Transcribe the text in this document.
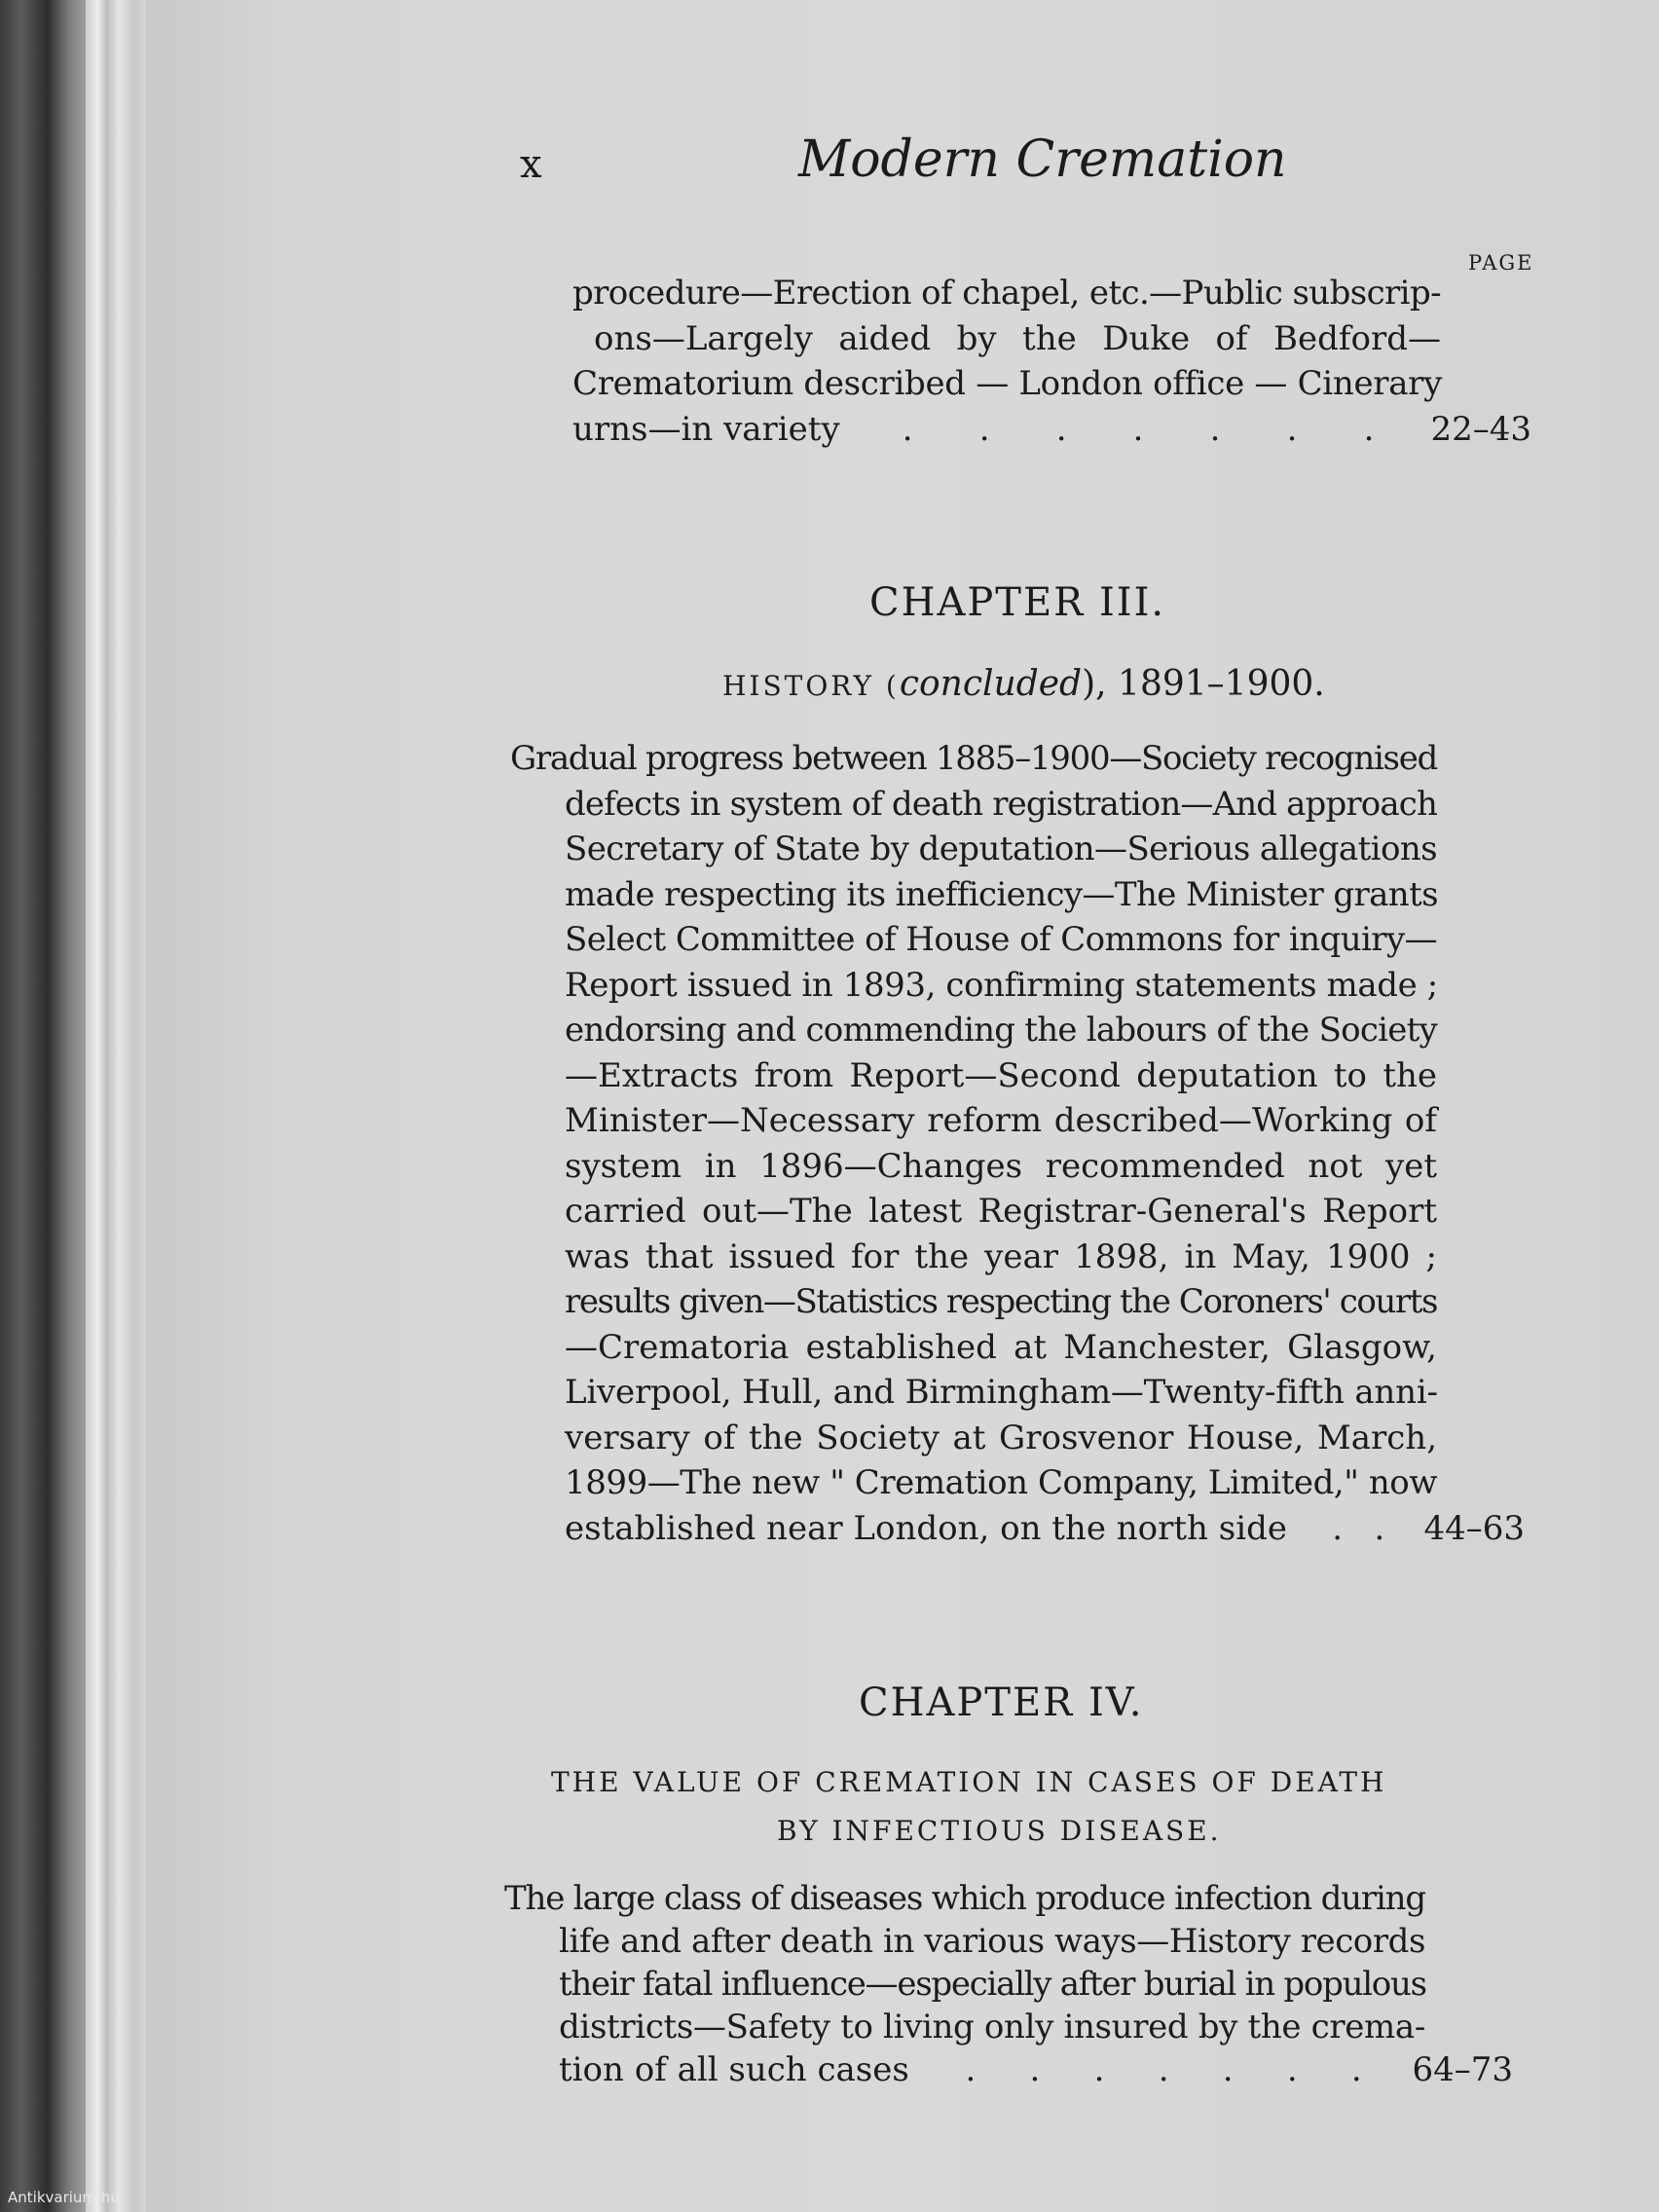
Antikvarium.hu
x	Modern Cremation
PAGE
procedure—Erection of chapel, etc.—Public subscrip-
ons—Largely aided by the Duke of Bedford—
Crematorium described — London office — Cinerary
urns—in variety . . . . . . . 22–43
CHAPTER III.
HISTORY (concluded), 1891–1900.
Gradual progress between 1885–1900—Society recognised
defects in system of death registration—And approach
Secretary of State by deputation—Serious allegations
made respecting its inefficiency—The Minister grants
Select Committee of House of Commons for inquiry—
Report issued in 1893, confirming statements made ;
endorsing and commending the labours of the Society
—Extracts from Report—Second deputation to the
Minister—Necessary reform described—Working of
system in 1896—Changes recommended not yet
carried out—The latest Registrar-General's Report
was that issued for the year 1898, in May, 1900 ;
results given—Statistics respecting the Coroners' courts
—Crematoria established at Manchester, Glasgow,
Liverpool, Hull, and Birmingham—Twenty-fifth anni-
versary of the Society at Grosvenor House, March,
1899—The new " Cremation Company, Limited," now
established near London, on the north side . . 44–63
CHAPTER IV.
THE VALUE OF CREMATION IN CASES OF DEATH
BY INFECTIOUS DISEASE.
The large class of diseases which produce infection during
life and after death in various ways—History records
their fatal influence—especially after burial in populous
districts—Safety to living only insured by the crema-
tion of all such cases . . . . . . . 64–73
